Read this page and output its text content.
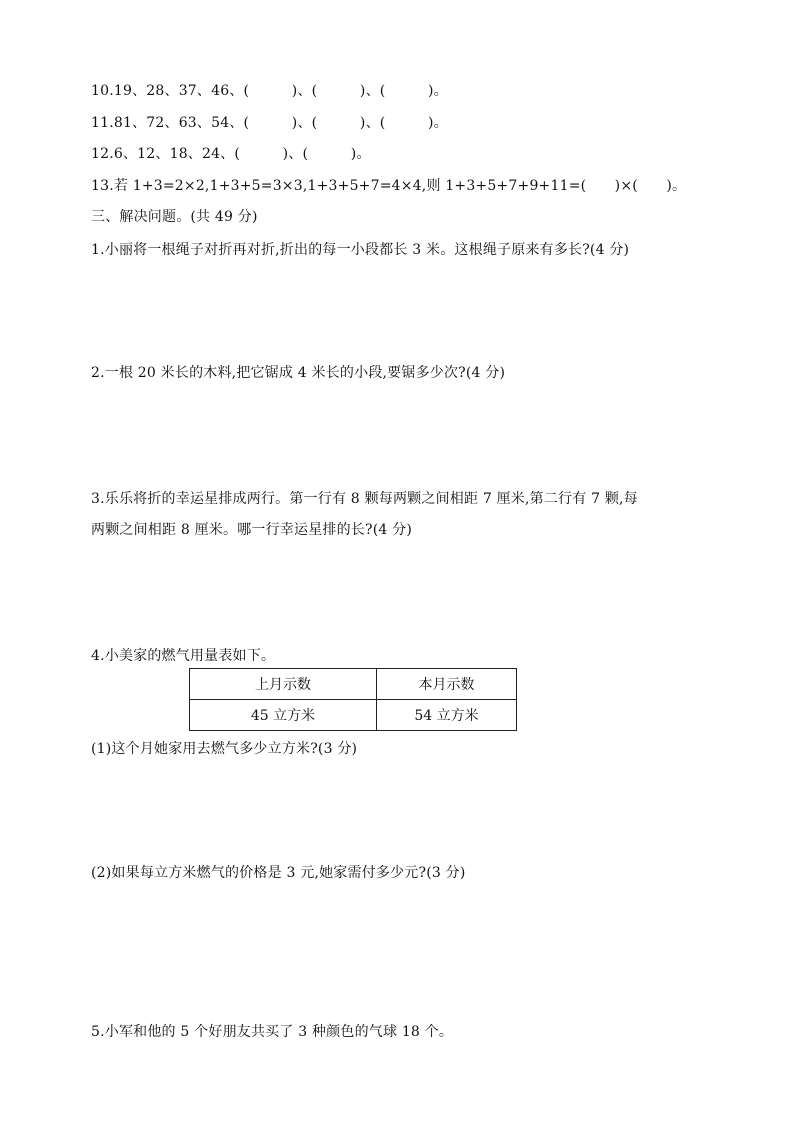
10.19、28、37、46、(　　　)、(　　　)、(　　　)。
11.81、72、63、54、(　　　)、(　　　)、(　　　)。
12.6、12、18、24、(　　　)、(　　　)。
13.若 1+3=2×2,1+3+5=3×3,1+3+5+7=4×4,则 1+3+5+7+9+11=(　　)×(　　)。
三、解决问题。(共 49 分)
1.小丽将一根绳子对折再对折,折出的每一小段都长 3 米。这根绳子原来有多长?(4 分)
2.一根 20 米长的木料,把它锯成 4 米长的小段,要锯多少次?(4 分)
3.乐乐将折的幸运星排成两行。第一行有 8 颗每两颗之间相距 7 厘米,第二行有 7 颗,每
两颗之间相距 8 厘米。哪一行幸运星排的长?(4 分)
4.小美家的燃气用量表如下。
上月示数	本月示数
45 立方米	54 立方米
(1)这个月她家用去燃气多少立方米?(3 分)
(2)如果每立方米燃气的价格是 3 元,她家需付多少元?(3 分)
5.小军和他的 5 个好朋友共买了 3 种颜色的气球 18 个。
